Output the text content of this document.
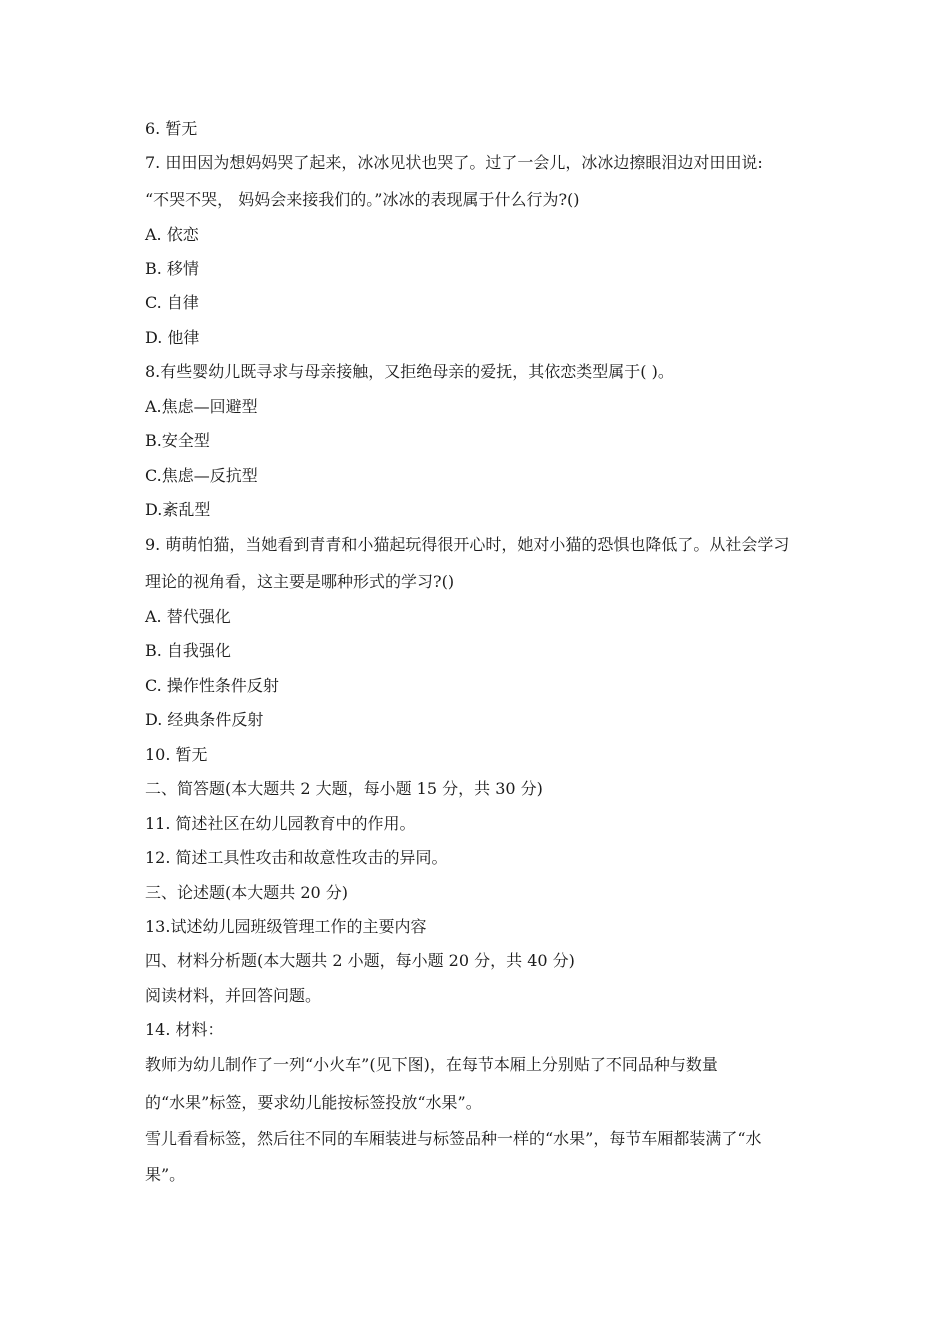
6. 暂无
7. 田田因为想妈妈哭了起来，冰冰见状也哭了。过了一会儿，冰冰边擦眼泪边对田田说:
“不哭不哭， 妈妈会来接我们的。”冰冰的表现属于什么行为?()
A. 依恋
B. 移情
C. 自律
D. 他律
8.有些婴幼儿既寻求与母亲接触，又拒绝母亲的爱抚，其依恋类型属于( )。
A.焦虑—回避型
B.安全型
C.焦虑—反抗型
D.紊乱型
9. 萌萌怕猫，当她看到青青和小猫起玩得很开心时，她对小猫的恐惧也降低了。从社会学习
理论的视角看，这主要是哪种形式的学习?()
A. 替代强化
B. 自我强化
C. 操作性条件反射
D. 经典条件反射
10. 暂无
二、简答题(本大题共 2 大题，每小题 15 分，共 30 分)
11. 简述社区在幼儿园教育中的作用。
12. 简述工具性攻击和故意性攻击的异同。
三、论述题(本大题共 20 分)
13.试述幼儿园班级管理工作的主要内容
四、材料分析题(本大题共 2 小题，每小题 20 分，共 40 分)
阅读材料，并回答问题。
14. 材料：
教师为幼儿制作了一列“小火车”(见下图)，在每节本厢上分别贴了不同品种与数量
的“水果”标签，要求幼儿能按标签投放“水果”。
雪儿看看标签，然后往不同的车厢装进与标签品种一样的“水果”，每节车厢都装满了“水
果”。
